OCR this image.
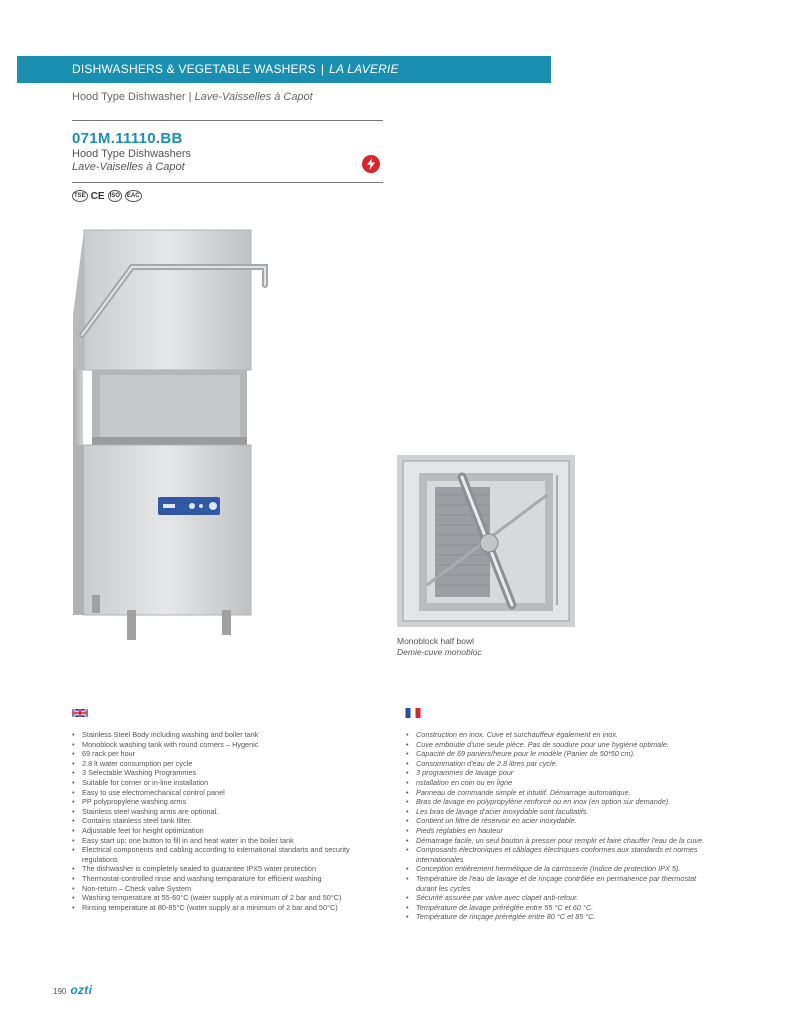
DISHWASHERS & VEGETABLE WASHERS | LA LAVERIE
Hood Type Dishwasher | Lave-Vaisselles à Capot
071M.11110.BB
Hood Type Dishwashers
Lave-Vaiselles à Capot
TSE CE ISO	EAC
Monoblock half bowl
Demie-cuve monobloc
• Stainless Steel Body including washing and boiler tank
• Monoblock washing tank with round corners – Hygenic
• 69 rack per hour
• 2.8 lt water consumption per cycle
• 3 Selectable Washing Programmes
• Suitable for corner or in-line installation
• Easy to use electromechanical control panel
• PP polypropylene washing arms
• Stainless steel washing arms are optional.
• Contains stainless steel tank filter.
• Adjustable feet for height optimization
• Easy start up: one button to fill in and heat water in the boiler tank
• Electrical components and cabling according to international standarts and security regulations
• The dishwasher is completely sealed to guarantee IPX5 water protection
• Thermostat-controlled rinse and washing temparature for efficient washing
• Non-return – Check valve System
• Washing temperature at 55-60°C (water supply at a minimum of 2 bar and 50°C)
• Rinsing temperature at 80-85°C (water supply at a minimum of 2 bar and 50°C)
• Construction en inox. Cuve et surchauffeur également en inox.
• Cuve emboutie d'une seule pièce. Pas de soudure pour une hygiène optimale.
• Capacité de 69 paniers/heure pour le modèle (Panier de 50*50 cm).
• Consommation d'eau de 2.8 litres par cycle.
• 3 programmes de lavage pour
• nstallation en coin ou en ligne
• Panneau de commande simple et intuitif. Démarrage automatique.
• Bras de lavage en polypropylène renforcé ou en inox (en option sur demande).
• Les bras de lavage d'acier inoxydable sont facultatifs.
• Contient un filtre de réservoir en acier inoxydable.
• Pieds réglables en hauteur
• Démarrage facile, un seul bouton à presser pour remplir et faire chauffer l'eau de la cuve.
• Composants électroniques et câblages électriques conformes aux standards et normes internationales
• Conception entièrement hermétique de la carrosserie (Indice de protection IPX 5).
• Température de l'eau de lavage et de rinçage contrôlée en permanence par thermostat durant les cycles
• Sécurité assurée par valve avec clapet anti-retour.
• Température de lavage préréglée entre 55 °C et 60 °C.
• Température de rinçage préréglée entre 80 °C et 85 °C.
190 ozti
